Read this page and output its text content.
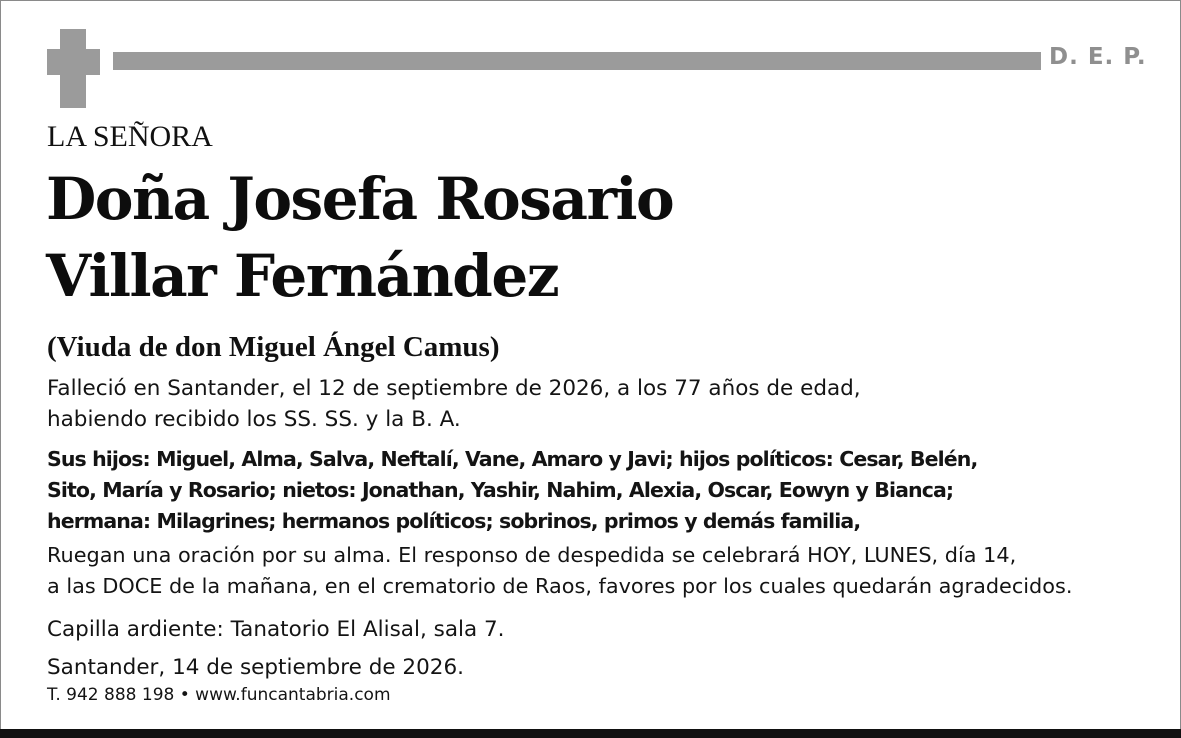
D. E. P.
LA SEÑORA
Doña Josefa Rosario
Villar Fernández
(Viuda de don Miguel Ángel Camus)
Falleció en Santander, el 12 de septiembre de 2026, a los 77 años de edad,
habiendo recibido los SS. SS. y la B. A.
Sus hijos: Miguel, Alma, Salva, Neftalí, Vane, Amaro y Javi; hijos políticos: Cesar, Belén,
Sito, María y Rosario; nietos: Jonathan, Yashir, Nahim, Alexia, Oscar, Eowyn y Bianca;
hermana: Milagrines; hermanos políticos; sobrinos, primos y demás familia,
Ruegan una oración por su alma. El responso de despedida se celebrará HOY, LUNES, día 14,
a las DOCE de la mañana, en el crematorio de Raos, favores por los cuales quedarán agradecidos.
Capilla ardiente: Tanatorio El Alisal, sala 7.
Santander, 14 de septiembre de 2026.
T. 942 888 198 • www.funcantabria.com
